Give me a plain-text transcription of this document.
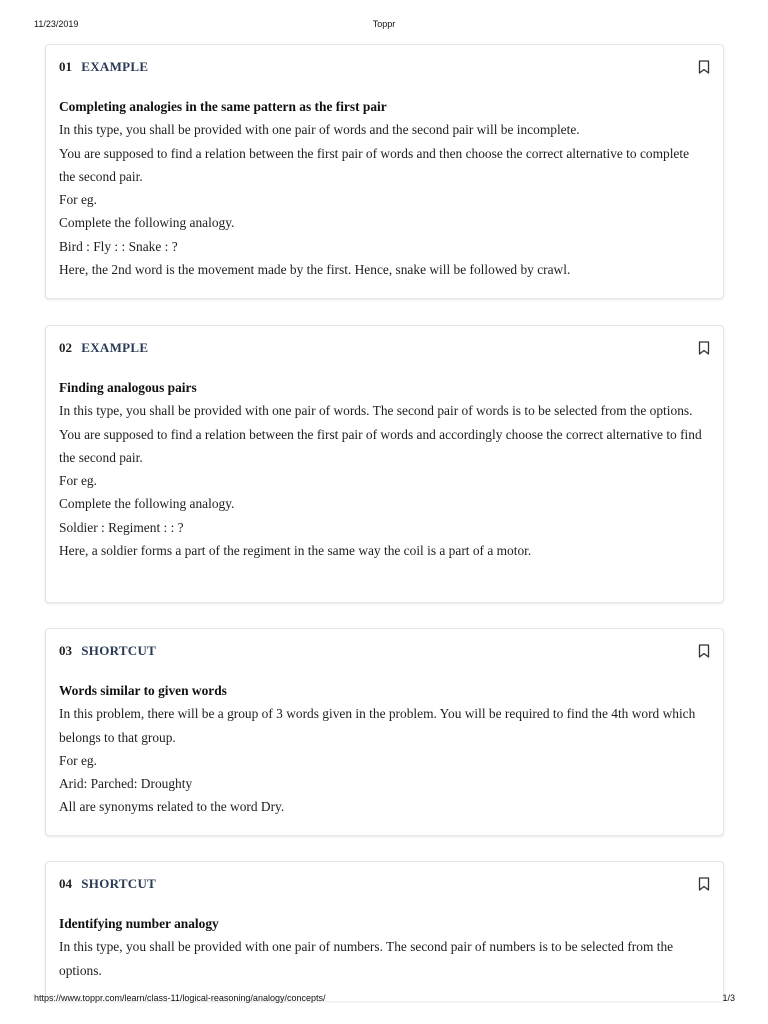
11/23/2019	Toppr
01 EXAMPLE

Completing analogies in the same pattern as the first pair

In this type, you shall be provided with one pair of words and the second pair will be incomplete.

You are supposed to find a relation between the first pair of words and then choose the correct alternative to complete the second pair.

For eg.

Complete the following analogy.

Bird : Fly : : Snake : ?

Here, the 2nd word is the movement made by the first. Hence, snake will be followed by crawl.

02 EXAMPLE

Finding analogous pairs

In this type, you shall be provided with one pair of words. The second pair of words is to be selected from the options.

You are supposed to find a relation between the first pair of words and accordingly choose the correct alternative to find the second pair.

For eg.

Complete the following analogy.

Soldier : Regiment : : ?

Here, a soldier forms a part of the regiment in the same way the coil is a part of a motor.

03 SHORTCUT

Words similar to given words

In this problem, there will be a group of 3 words given in the problem. You will be required to find the 4th word which belongs to that group.

For eg.

Arid: Parched: Droughty

All are synonyms related to the word Dry.

04 SHORTCUT

Identifying number analogy

In this type, you shall be provided with one pair of numbers. The second pair of numbers is to be selected from the options.

https://www.toppr.com/learn/class-11/logical-reasoning/analogy/concepts/	1/3
